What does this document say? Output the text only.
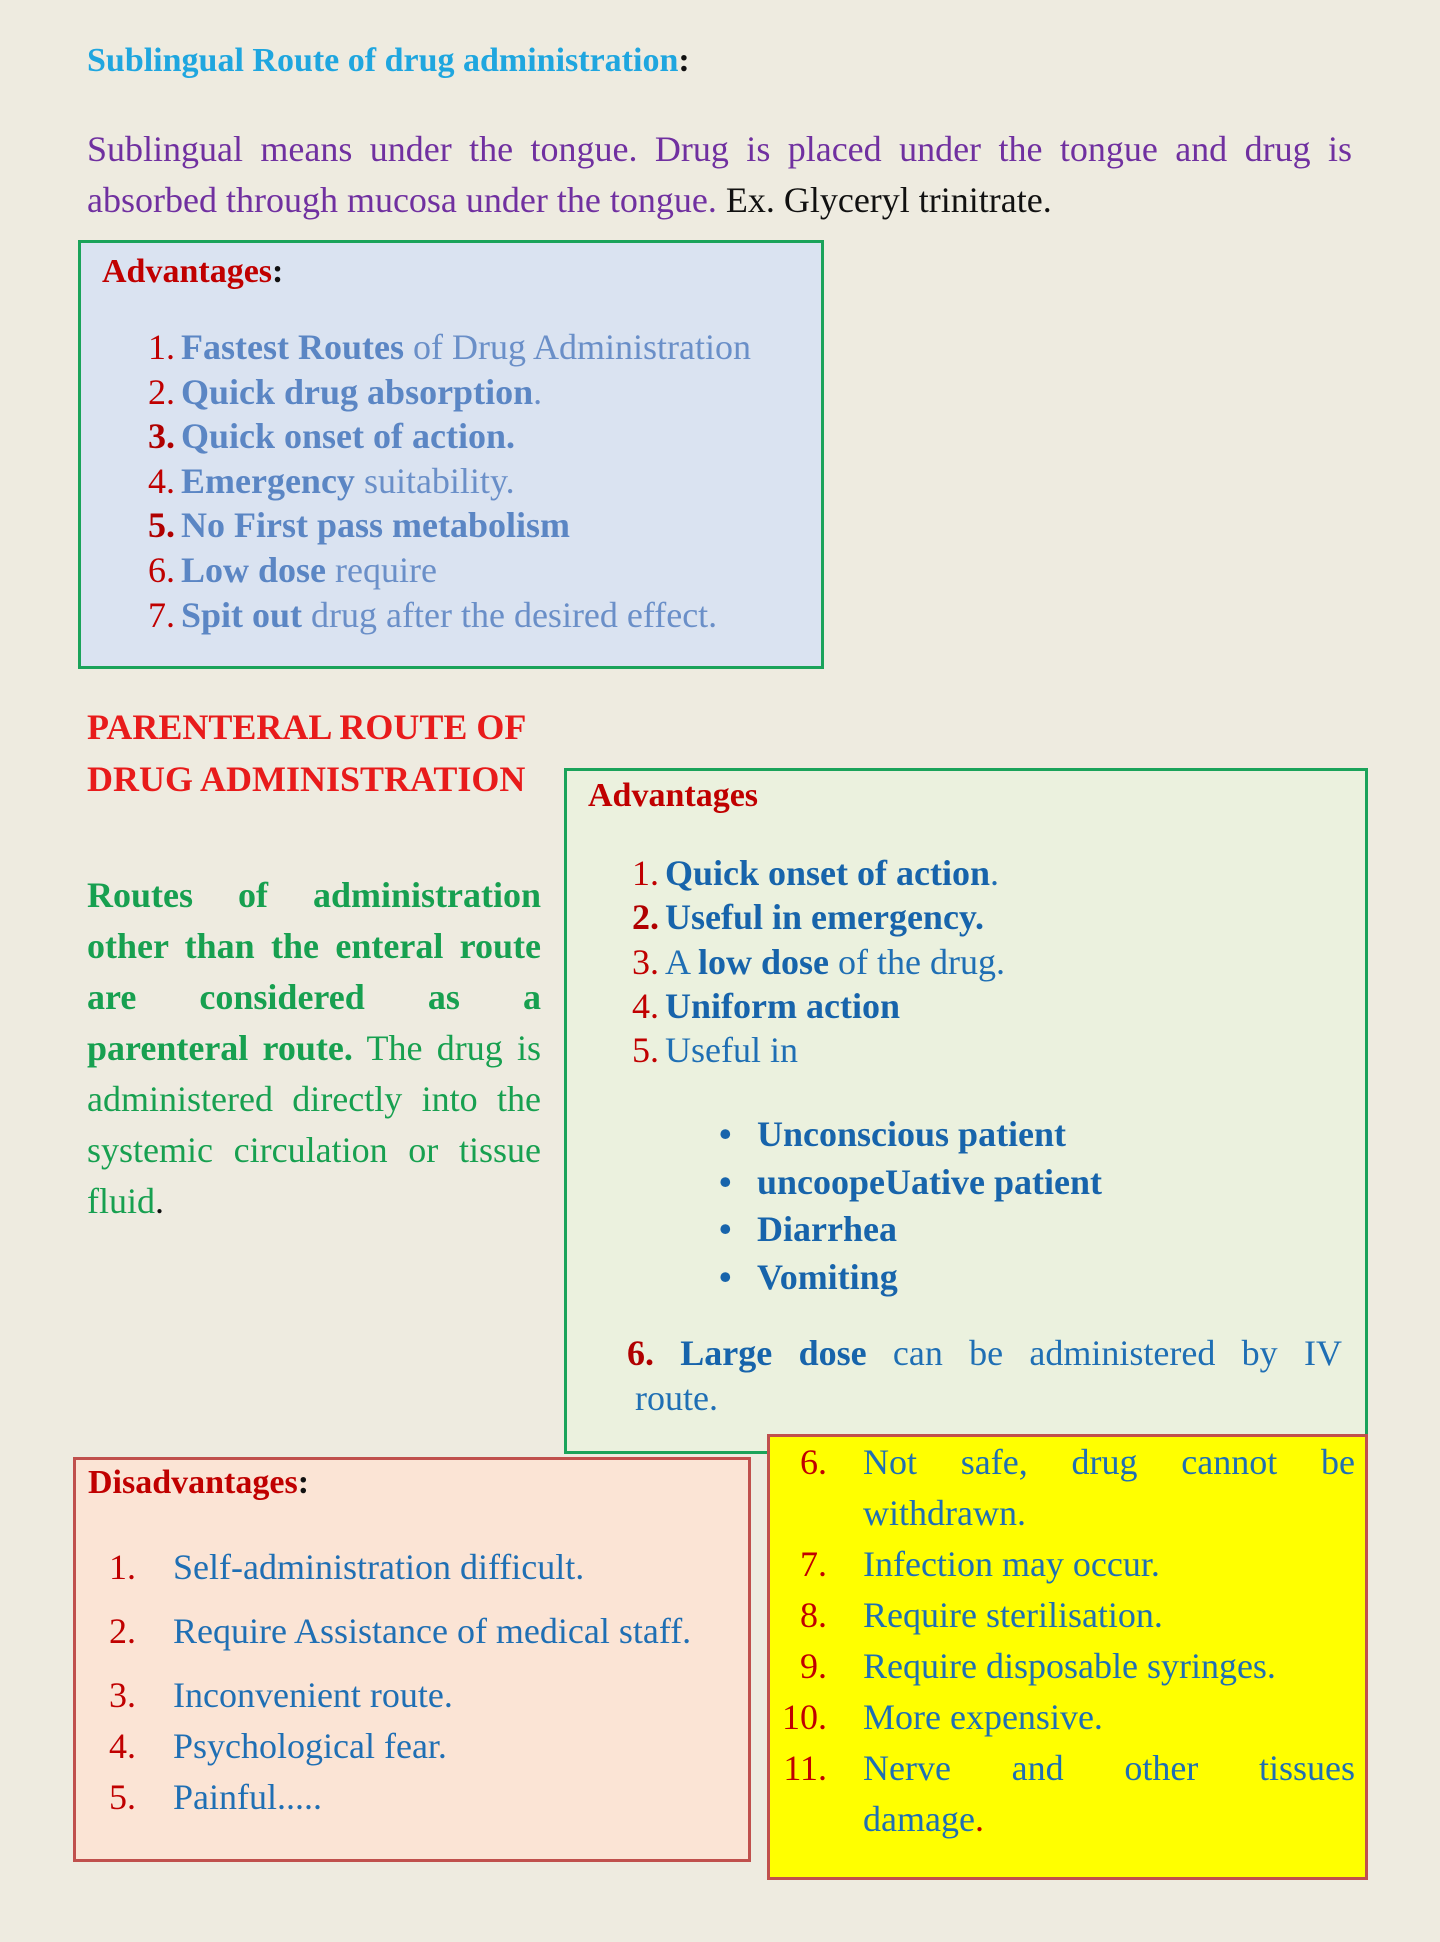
Sublingual Route of drug administration:
Sublingual means under the tongue. Drug is placed under the tongue and drug is absorbed through mucosa under the tongue. Ex. Glyceryl trinitrate.
Advantages:
1. Fastest Routes of Drug Administration
2. Quick drug absorption.
3. Quick onset of action.
4. Emergency suitability.
5. No First pass metabolism
6. Low dose require
7. Spit out drug after the desired effect.
PARENTERAL ROUTE OF DRUG ADMINISTRATION
Routes of administration other than the enteral route are considered as a parenteral route. The drug is administered directly into the systemic circulation or tissue fluid.
Advantages
1. Quick onset of action.
2. Useful in emergency.
3. A low dose of the drug.
4. Uniform action
5. Useful in
• Unconscious patient
• uncoopeUative patient
• Diarrhea
• Vomiting
6. Large dose can be administered by IV
route.
Disadvantages:
1. Self-administration difficult.
2. Require Assistance of medical staff.
3. Inconvenient route.
4. Psychological fear.
5. Painful.....
6. Not safe, drug cannot be
withdrawn.
7. Infection may occur.
8. Require sterilisation.
9. Require disposable syringes.
10. More expensive.
11. Nerve and other tissues
damage.
